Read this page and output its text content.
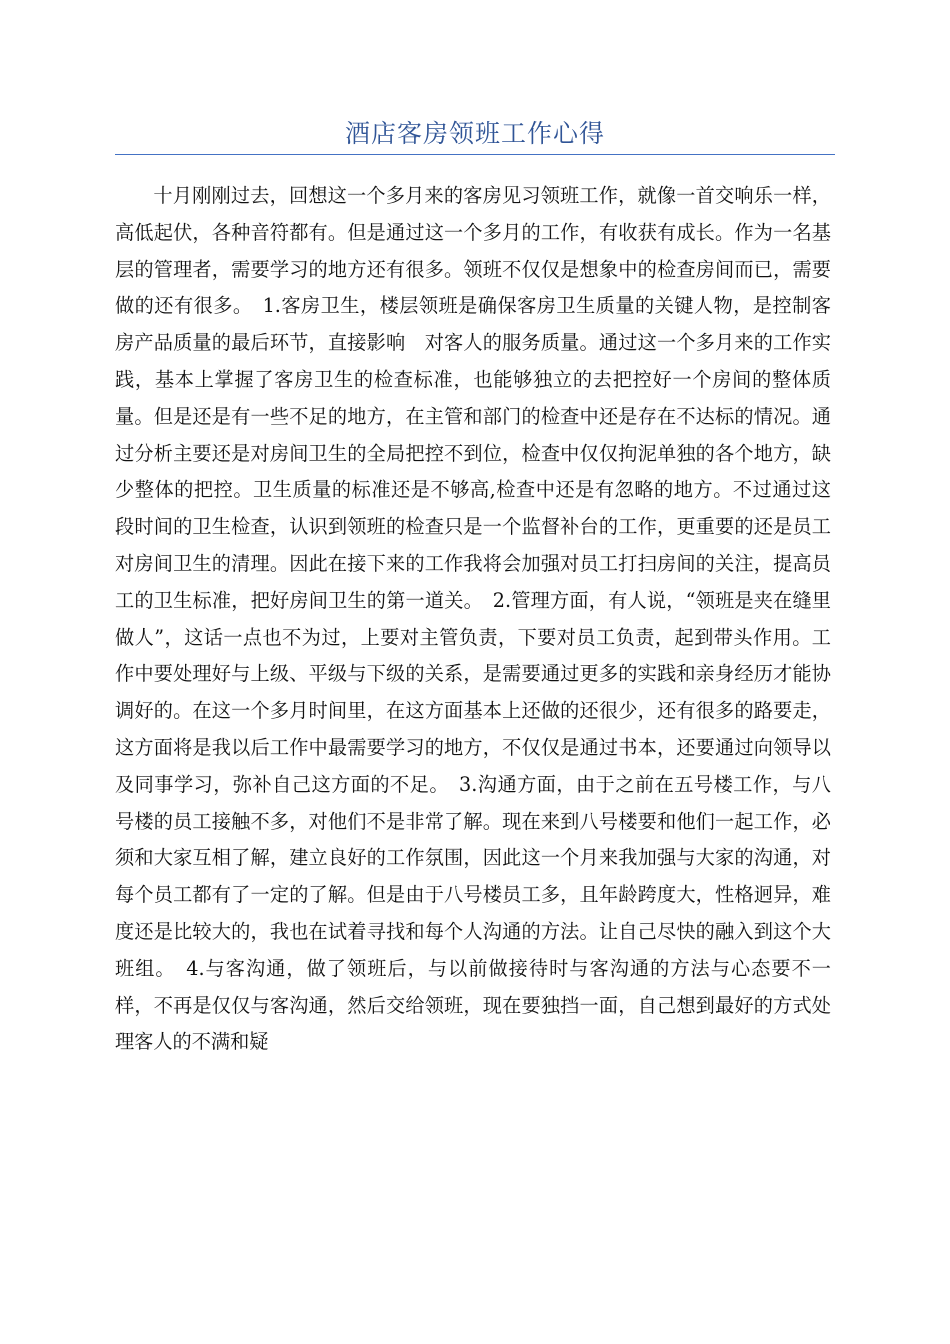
酒店客房领班工作心得

十月刚刚过去，回想这一个多月来的客房见习领班工作，就像一首交响乐一样，高低起伏，各种音符都有。但是通过这一个多月的工作，有收获有成长。作为一名基层的管理者，需要学习的地方还有很多。领班不仅仅是想象中的检查房间而已，需要做的还有很多。　1.客房卫生，楼层领班是确保客房卫生质量的关键人物，是控制客房产品质量的最后环节，直接影响　对客人的服务质量。通过这一个多月来的工作实践，基本上掌握了客房卫生的检查标准，也能够独立的去把控好一个房间的整体质量。但是还是有一些不足的地方，在主管和部门的检查中还是存在不达标的情况。通过分析主要还是对房间卫生的全局把控不到位，检查中仅仅拘泥单独的各个地方，缺少整体的把控。卫生质量的标准还是不够高,检查中还是有忽略的地方。不过通过这段时间的卫生检查，认识到领班的检查只是一个监督补台的工作，更重要的还是员工对房间卫生的清理。因此在接下来的工作我将会加强对员工打扫房间的关注，提高员工的卫生标准，把好房间卫生的第一道关。　2.管理方面，有人说，“领班是夹在缝里做人”，这话一点也不为过，上要对主管负责，下要对员工负责，起到带头作用。工作中要处理好与上级、平级与下级的关系，是需要通过更多的实践和亲身经历才能协调好的。在这一个多月时间里，在这方面基本上还做的还很少，还有很多的路要走，这方面将是我以后工作中最需要学习的地方，不仅仅是通过书本，还要通过向领导以及同事学习，弥补自己这方面的不足。　3.沟通方面，由于之前在五号楼工作，与八号楼的员工接触不多，对他们不是非常了解。现在来到八号楼要和他们一起工作，必须和大家互相了解，建立良好的工作氛围，因此这一个月来我加强与大家的沟通，对每个员工都有了一定的了解。但是由于八号楼员工多，且年龄跨度大，性格迥异，难度还是比较大的，我也在试着寻找和每个人沟通的方法。让自己尽快的融入到这个大班组。　4.与客沟通，做了领班后，与以前做接待时与客沟通的方法与心态要不一样，不再是仅仅与客沟通，然后交给领班，现在要独挡一面，自己想到最好的方式处理客人的不满和疑
